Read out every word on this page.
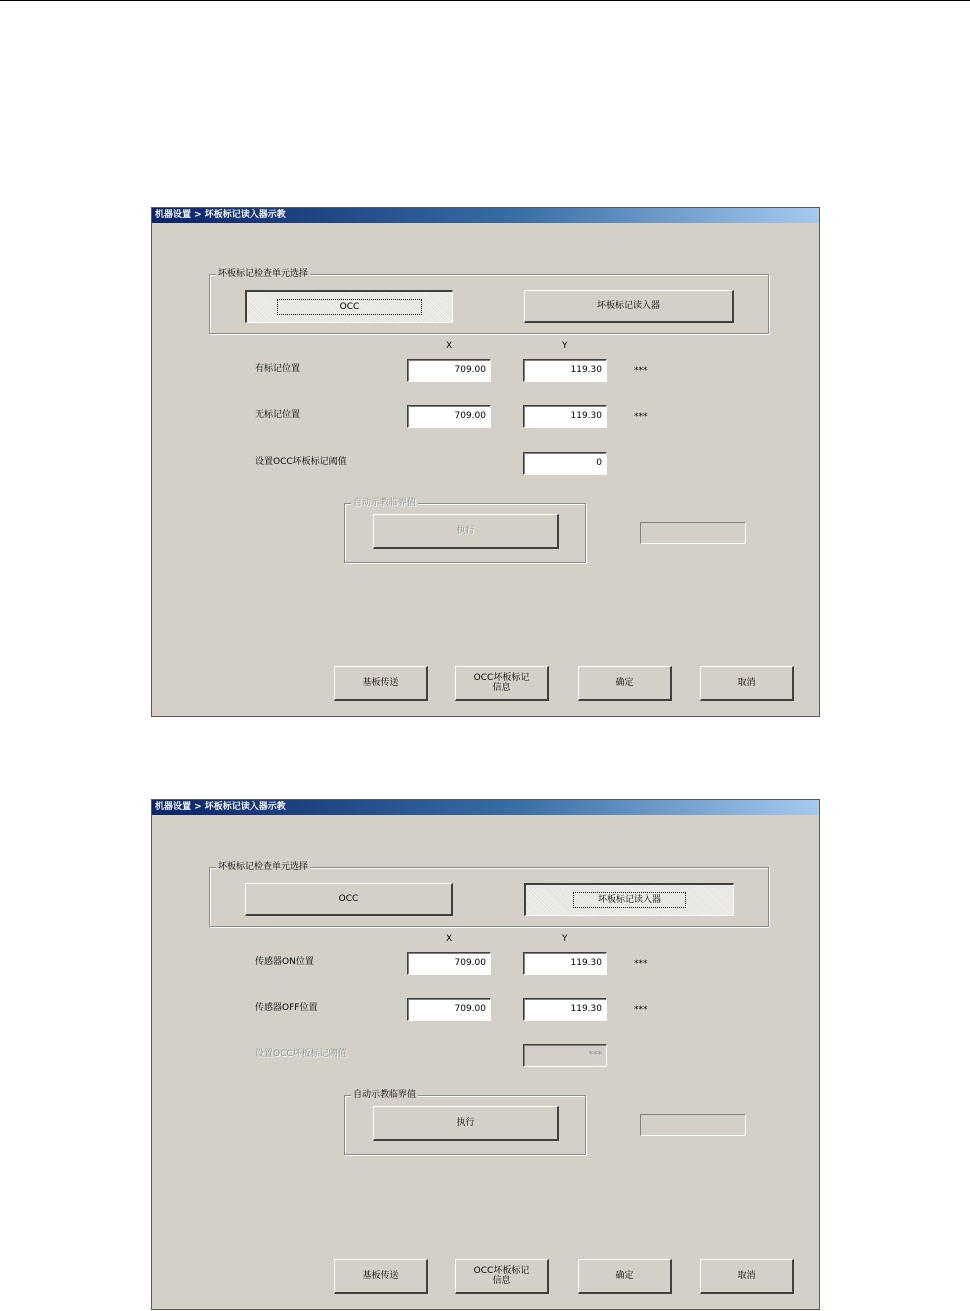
机器设置 > 坏板标记读入器示教
坏板标记检查单元选择
OCC	坏板标记读入器
X	Y
有标记位置	709.00	119.30	***
无标记位置	709.00	119.30	***
设置OCC坏板标记阈值	0
自动示教临界值
执行
基板传送	OCC坏板标记
信息	确定	取消
机器设置 > 坏板标记读入器示教
坏板标记检查单元选择
OCC	坏板标记读入器
X	Y
传感器ON位置	709.00	119.30	***
传感器OFF位置	709.00	119.30	***
设置OCC坏板标记阈值	***
自动示教临界值
执行
基板传送	OCC坏板标记
信息	确定	取消
